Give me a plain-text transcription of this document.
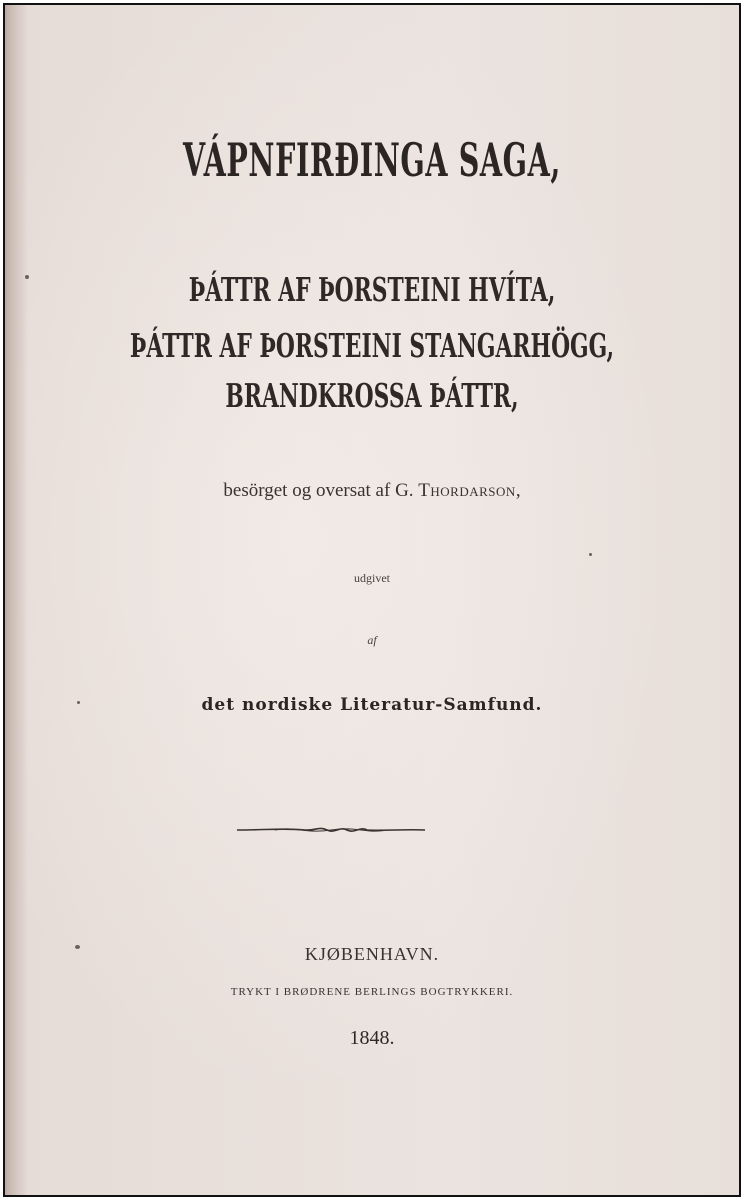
VÁPNFIRÐINGA SAGA,
ÞÁTTR AF ÞORSTEINI HVÍTA,
ÞÁTTR AF ÞORSTEINI STANGARHÖGG,
BRANDKROSSA ÞÁTTR,
besörget og oversat af G. Thordarson,
udgivet
af
det nordiske Literatur-Samfund.
KJØBENHAVN.
TRYKT I BRØDRENE BERLINGS BOGTRYKKERI.
1848.
